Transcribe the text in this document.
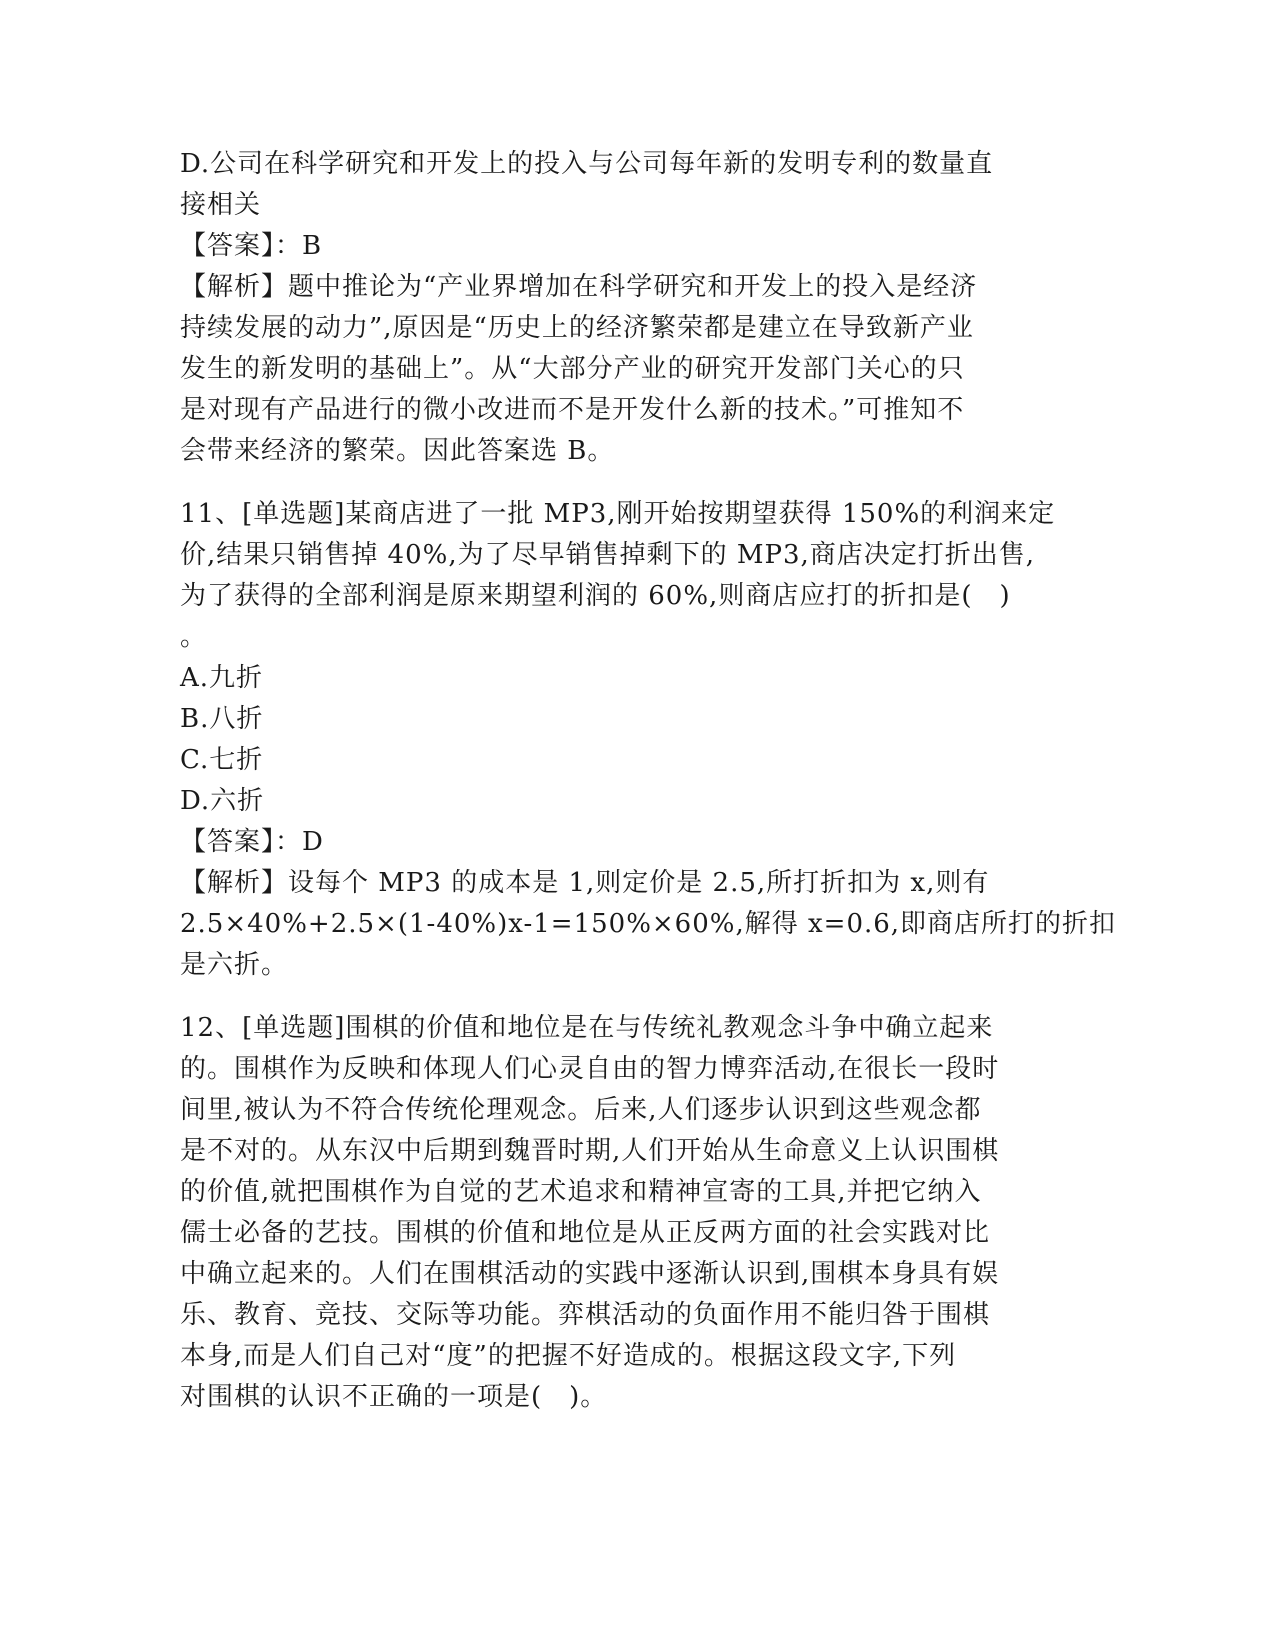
D.公司在科学研究和开发上的投入与公司每年新的发明专利的数量直
接相关
【答案】：B
【解析】题中推论为“产业界增加在科学研究和开发上的投入是经济
持续发展的动力”,原因是“历史上的经济繁荣都是建立在导致新产业
发生的新发明的基础上”。从“大部分产业的研究开发部门关心的只
是对现有产品进行的微小改进而不是开发什么新的技术。”可推知不
会带来经济的繁荣。因此答案选 B。
11、[单选题]某商店进了一批 MP3,刚开始按期望获得 150%的利润来定
价,结果只销售掉 40%,为了尽早销售掉剩下的 MP3,商店决定打折出售,
为了获得的全部利润是原来期望利润的 60%,则商店应打的折扣是(　)
。
A.九折
B.八折
C.七折
D.六折
【答案】：D
【解析】设每个 MP3 的成本是 1,则定价是 2.5,所打折扣为 x,则有
2.5×40%+2.5×(1-40%)x-1=150%×60%,解得 x=0.6,即商店所打的折扣
是六折。
12、[单选题]围棋的价值和地位是在与传统礼教观念斗争中确立起来
的。围棋作为反映和体现人们心灵自由的智力博弈活动,在很长一段时
间里,被认为不符合传统伦理观念。后来,人们逐步认识到这些观念都
是不对的。从东汉中后期到魏晋时期,人们开始从生命意义上认识围棋
的价值,就把围棋作为自觉的艺术追求和精神宣寄的工具,并把它纳入
儒士必备的艺技。围棋的价值和地位是从正反两方面的社会实践对比
中确立起来的。人们在围棋活动的实践中逐渐认识到,围棋本身具有娱
乐、教育、竞技、交际等功能。弈棋活动的负面作用不能归咎于围棋
本身,而是人们自己对“度”的把握不好造成的。根据这段文字,下列
对围棋的认识不正确的一项是(　)。
